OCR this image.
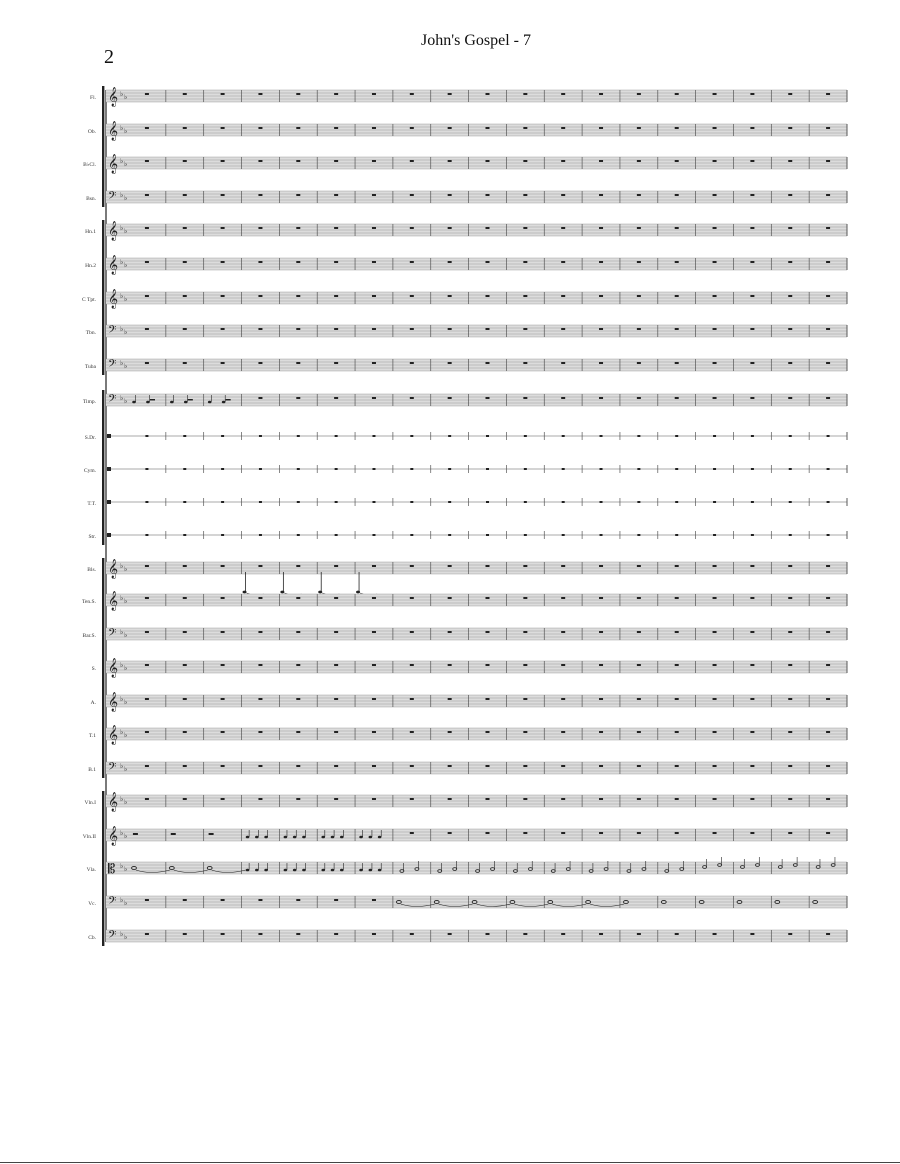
John's Gospel - 7
2
Fl. 𝄞 ♭ ♭
Ob. 𝄞 ♭ ♭
B♭Cl. 𝄞 ♭ ♭
Bsn. 𝄢 ♭ ♭
Hn.1 𝄞 ♭ ♭
Hn.2 𝄞 ♭ ♭
C Tpt. 𝄞 ♭ ♭
Tbn. 𝄢 ♭ ♭
Tuba 𝄢 ♭ ♭
Timp. 𝄢 ♭ ♭
S.Dr.
Cym.
T.T.
Str.
Bls. 𝄞 ♭ ♭
Ten.S. 𝄞 ♭ ♭
Bar.S. 𝄢 ♭ ♭
S. 𝄞 ♭ ♭
A. 𝄞 ♭ ♭
T.1 𝄞 ♭ ♭
B.1 𝄢 ♭ ♭
Vln.I 𝄞 ♭ ♭
Vln.II 𝄞 ♭ ♭
Vla. 𝄡 ♭ ♭
Vc. 𝄢 ♭ ♭
Cb. 𝄢 ♭ ♭
